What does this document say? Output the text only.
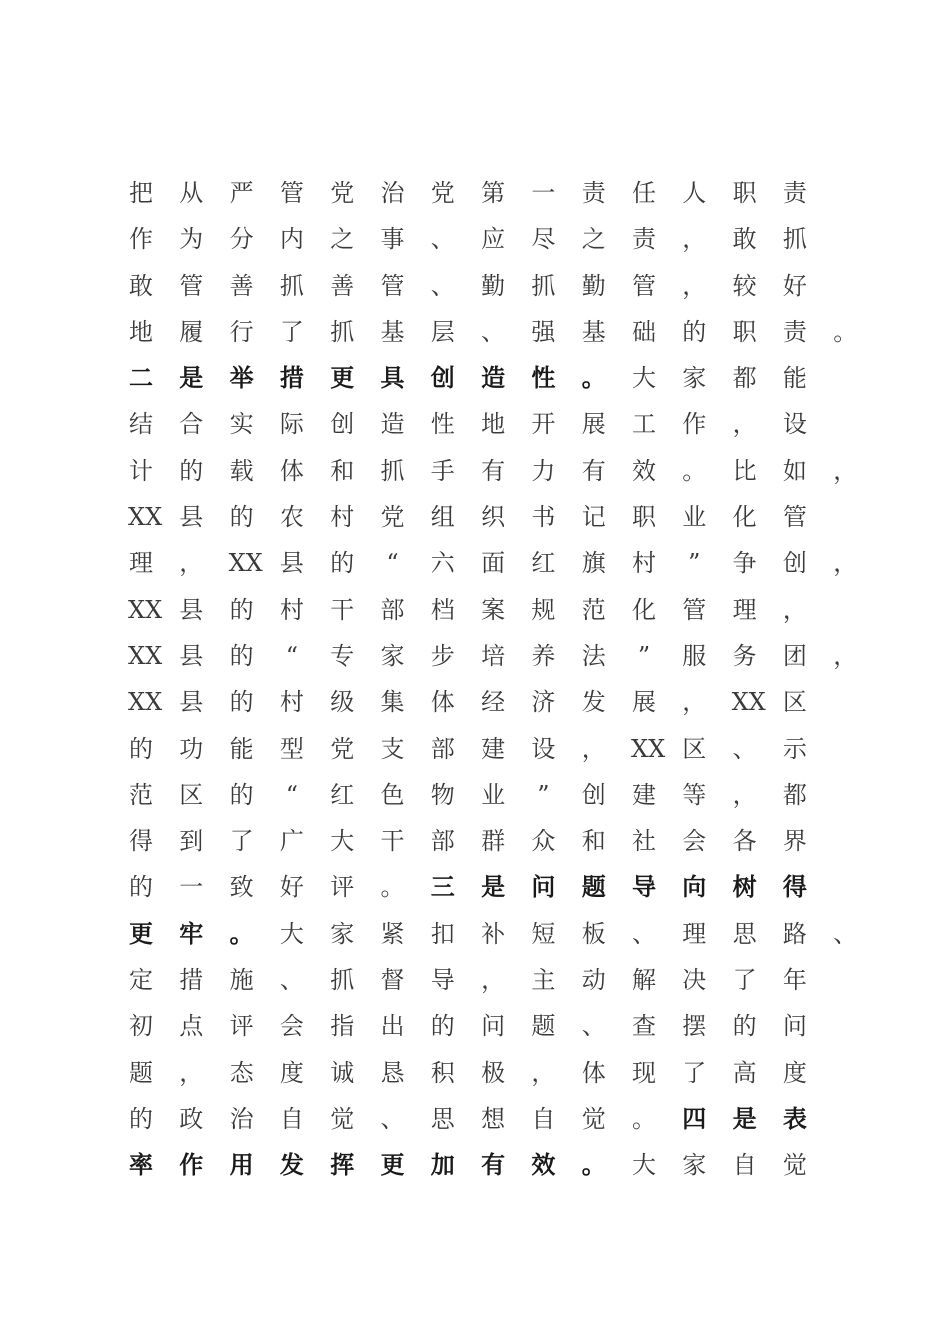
把 从 严 管 党 治 党 第 一 责 任 人 职 责
作 为 分 内 之 事 、 应 尽 之 责 ， 敢 抓
敢 管 善 抓 善 管 、 勤 抓 勤 管 ， 较 好
地 履 行 了 抓 基 层 、 强 基 础 的 职 责 。
二 是 举 措 更 具 创 造 性 。 大 家 都 能
结 合 实 际 创 造 性 地 开 展 工 作 ， 设
计 的 载 体 和 抓 手 有 力 有 效 。 比 如 ，
XX 县 的 农 村 党 组 织 书 记 职 业 化 管
理 ， XX 县 的 “ 六 面 红 旗 村 ” 争 创 ，
XX 县 的 村 干 部 档 案 规 范 化 管 理 ，
XX 县 的 “ 专 家 步 培 养 法 ” 服 务 团 ，
XX 县 的 村 级 集 体 经 济 发 展 ， XX 区
的 功 能 型 党 支 部 建 设 ， XX 区 、 示
范 区 的 “ 红 色 物 业 ” 创 建 等 ， 都
得 到 了 广 大 干 部 群 众 和 社 会 各 界
的 一 致 好 评 。 三 是 问 题 导 向 树 得
更 牢 。 大 家 紧 扣 补 短 板 、 理 思 路 、
定 措 施 、 抓 督 导 ， 主 动 解 决 了 年
初 点 评 会 指 出 的 问 题 、 查 摆 的 问
题 ， 态 度 诚 恳 积 极 ， 体 现 了 高 度
的 政 治 自 觉 、 思 想 自 觉 。 四 是 表
率 作 用 发 挥 更 加 有 效 。 大 家 自 觉
